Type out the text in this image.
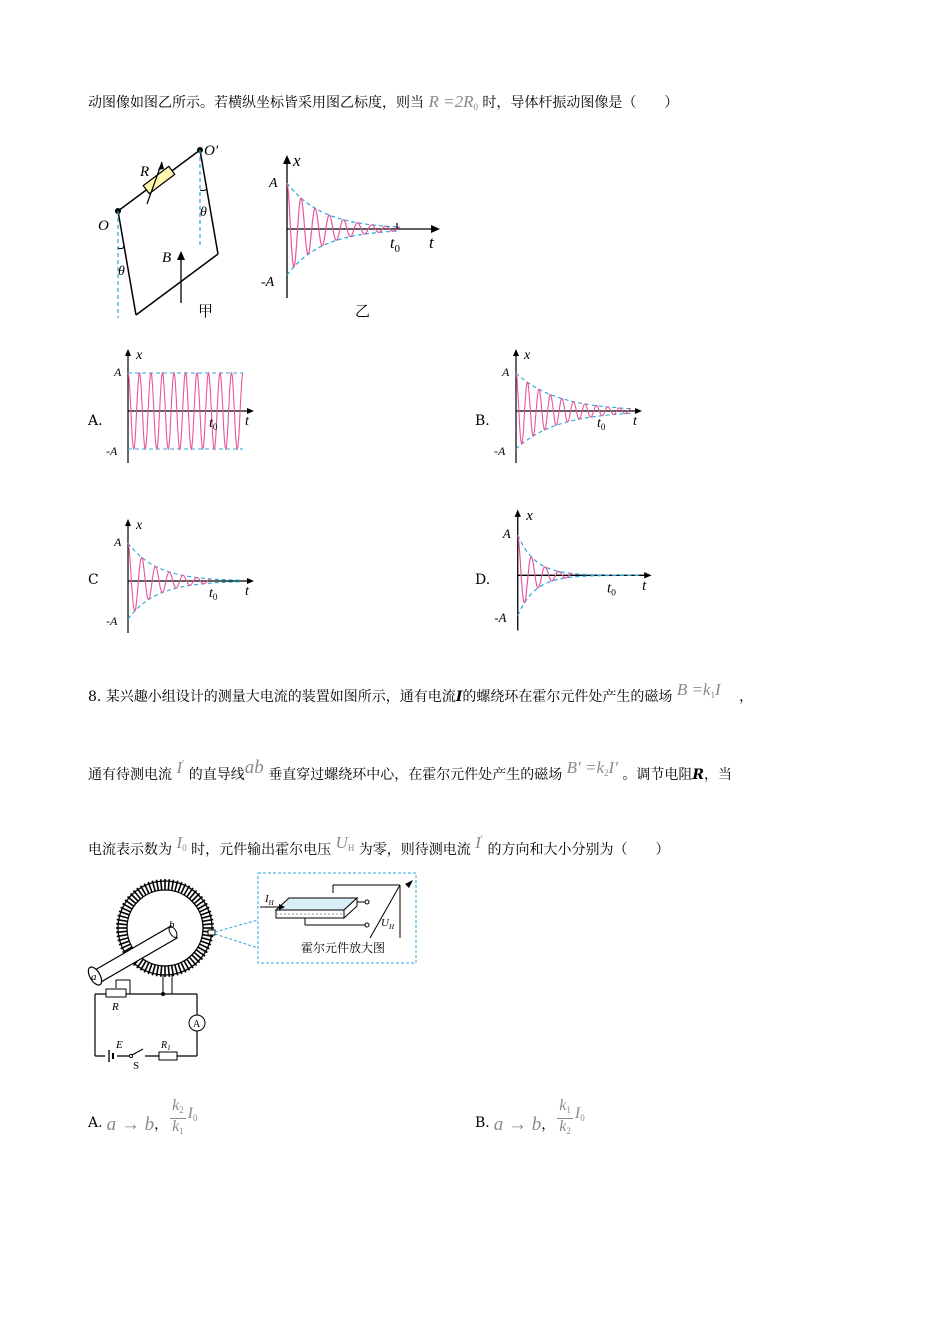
动图像如图乙所示。若横纵坐标皆采用图乙标度，则当 $R =2R_0$ 时，导体杆振动图像是（　　）
O
O′
R
B
θ
θ
甲
x
t
A
-A
$t_0$
乙
A.	B.
C	D.
x
t
A
-A
$t_0$
x
t
A
-A
$t_0$
x
t
A
-A
$t_0$
x
t
A
-A
$t_0$
8. 某兴趣小组设计的测量大电流的装置如图所示，通有电流I的螺绕环在霍尔元件处产生的磁场 $B =k_1I$ ，
通有待测电流 I′ 的直导线ab 垂直穿过螺绕环中心，在霍尔元件处产生的磁场 $B' =k_2I'$ 。调节电阻R，当
电流表示数为 $I_0$ 时，元件输出霍尔电压 $U_H$ 为零，则待测电流 I′ 的方向和大小分别为（　　）
a
b
$I_H$
$U_H$
霍尔元件放大图
R
A
E
S
$R_1$
A. a → b ， $\frac{k_2}{k_1} I_0$	B. a → b ， $\frac{k_1}{k_2} I_0$
